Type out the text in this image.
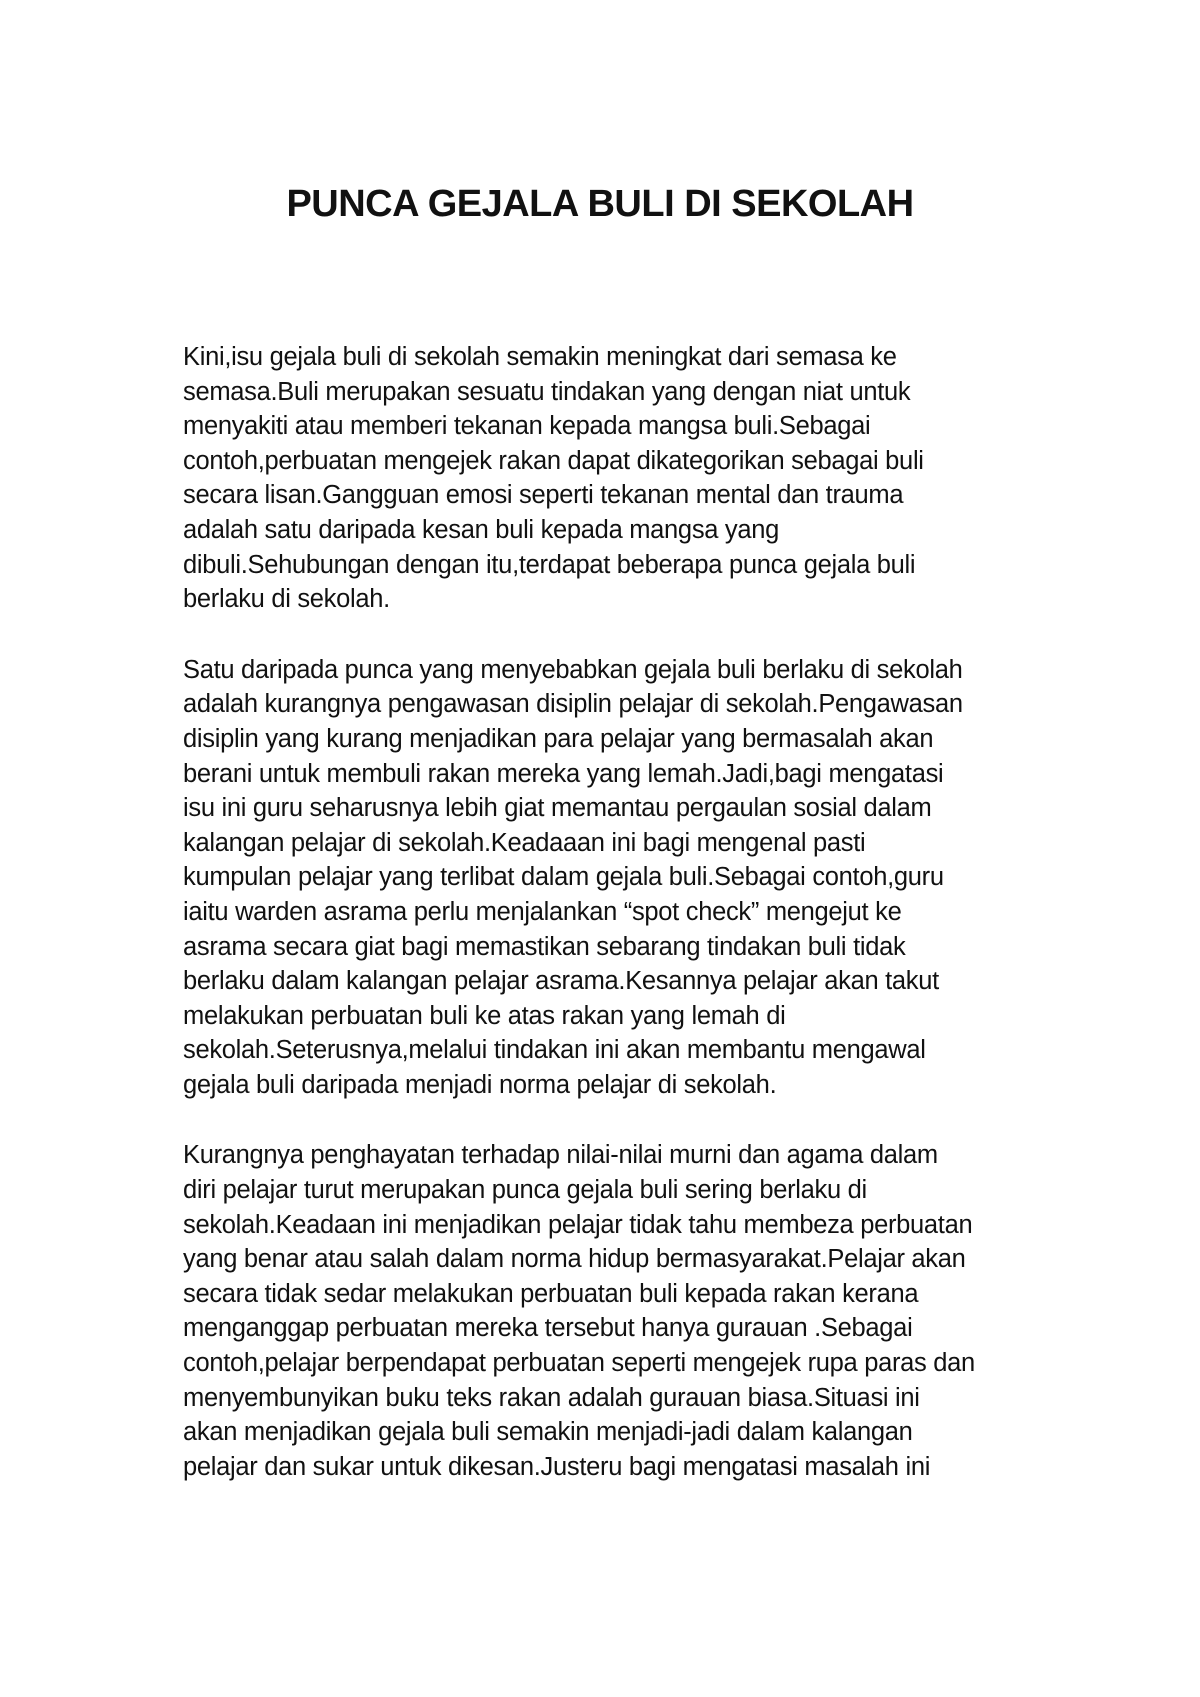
PUNCA GEJALA BULI DI SEKOLAH

Kini,isu gejala buli di sekolah semakin meningkat dari semasa ke
semasa.Buli merupakan sesuatu tindakan yang dengan niat untuk
menyakiti atau memberi tekanan kepada mangsa buli.Sebagai
contoh,perbuatan mengejek rakan dapat dikategorikan sebagai buli
secara lisan.Gangguan emosi seperti tekanan mental dan trauma
adalah satu daripada kesan buli kepada mangsa yang
dibuli.Sehubungan dengan itu,terdapat beberapa punca gejala buli
berlaku di sekolah.

Satu daripada punca yang menyebabkan gejala buli berlaku di sekolah
adalah kurangnya pengawasan disiplin pelajar di sekolah.Pengawasan
disiplin yang kurang menjadikan para pelajar yang bermasalah akan
berani untuk membuli rakan mereka yang lemah.Jadi,bagi mengatasi
isu ini guru seharusnya lebih giat memantau pergaulan sosial dalam
kalangan pelajar di sekolah.Keadaaan ini bagi mengenal pasti
kumpulan pelajar yang terlibat dalam gejala buli.Sebagai contoh,guru
iaitu warden asrama perlu menjalankan “spot check” mengejut ke
asrama secara giat bagi memastikan sebarang tindakan buli tidak
berlaku dalam kalangan pelajar asrama.Kesannya pelajar akan takut
melakukan perbuatan buli ke atas rakan yang lemah di
sekolah.Seterusnya,melalui tindakan ini akan membantu mengawal
gejala buli daripada menjadi norma pelajar di sekolah.

Kurangnya penghayatan terhadap nilai-nilai murni dan agama dalam
diri pelajar turut merupakan punca gejala buli sering berlaku di
sekolah.Keadaan ini menjadikan pelajar tidak tahu membeza perbuatan
yang benar atau salah dalam norma hidup bermasyarakat.Pelajar akan
secara tidak sedar melakukan perbuatan buli kepada rakan kerana
menganggap perbuatan mereka tersebut hanya gurauan .Sebagai
contoh,pelajar berpendapat perbuatan seperti mengejek rupa paras dan
menyembunyikan buku teks rakan adalah gurauan biasa.Situasi ini
akan menjadikan gejala buli semakin menjadi-jadi dalam kalangan
pelajar dan sukar untuk dikesan.Justeru bagi mengatasi masalah ini
